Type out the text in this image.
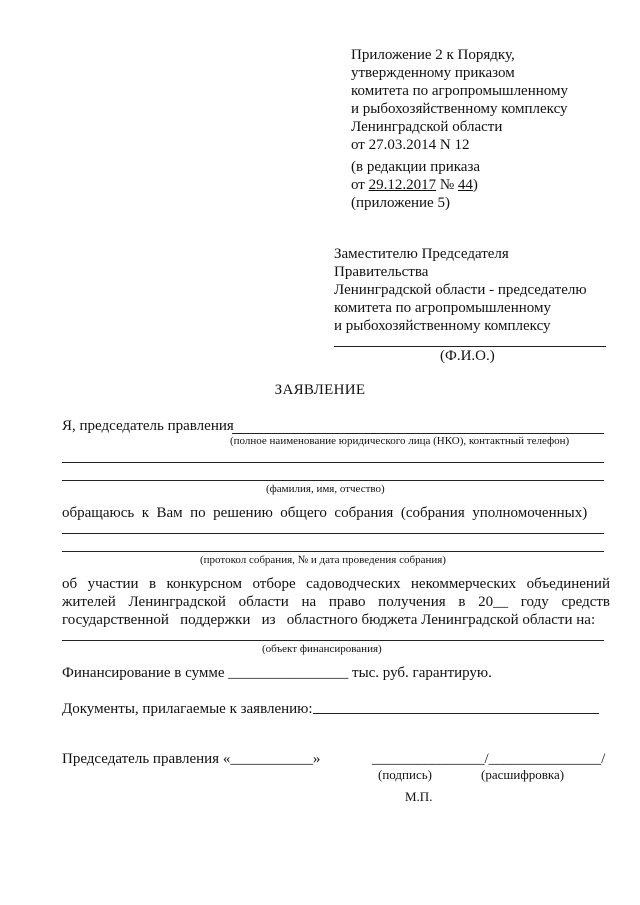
Приложение 2 к Порядку,
утвержденному приказом
комитета по агропромышленному
и рыбохозяйственному комплексу
Ленинградской области
от 27.03.2014 N 12
(в редакции приказа
от 29.12.2017 № 44)
(приложение 5)
Заместителю Председателя
Правительства
Ленинградской области - председателю
комитета по агропромышленному
и рыбохозяйственному комплексу
(Ф.И.О.)
ЗАЯВЛЕНИЕ
Я, председатель правления
(полное наименование юридического лица (НКО), контактный телефон)
(фамилия, имя, отчество)
обращаюсь  к  Вам  по  решению  общего  собрания  (собрания  уполномоченных)
(протокол собрания, № и дата проведения собрания)
об участии в конкурсном отборе садоводческих некоммерческих объединений
жителей Ленинградской области на право получения в 20__ году средств
государственной   поддержки   из   областного бюджета Ленинградской области на:
(объект финансирования)
Финансирование в сумме ________________ тыс. руб. гарантирую.
Документы, прилагаемые к заявлению:
Председатель правления «___________»	_______________/_______________/
(подпись)	(расшифровка)
М.П.
